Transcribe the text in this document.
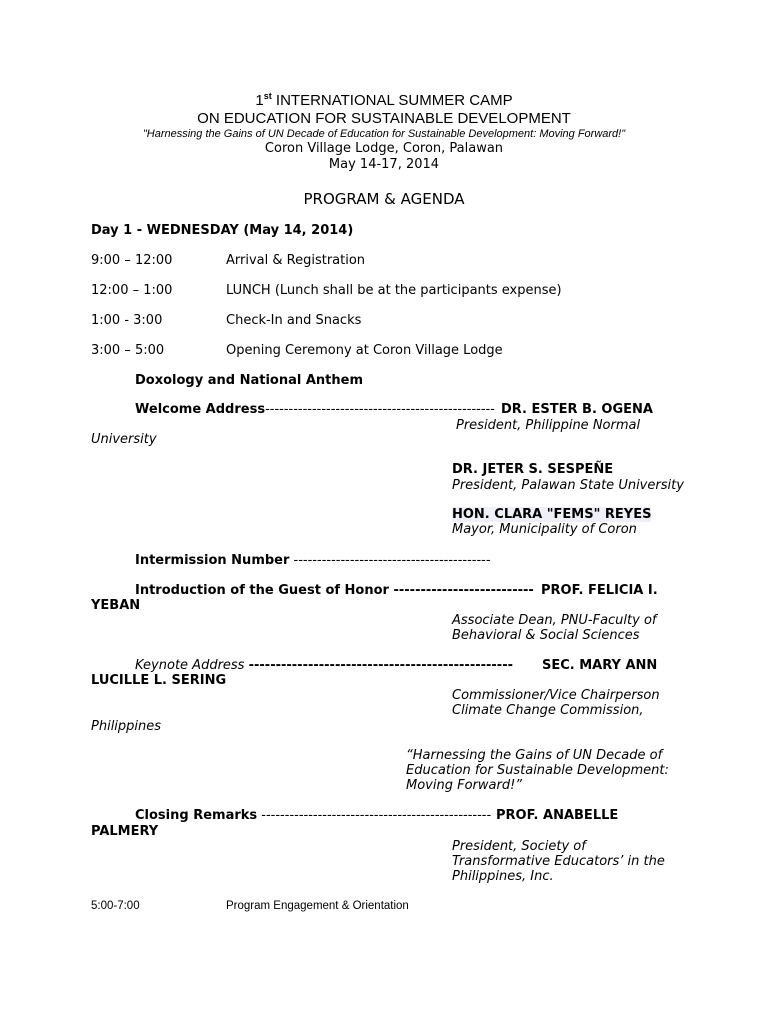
1st INTERNATIONAL SUMMER CAMP
ON EDUCATION FOR SUSTAINABLE DEVELOPMENT
"Harnessing the Gains of UN Decade of Education for Sustainable Development: Moving Forward!"
Coron Village Lodge, Coron, Palawan
May 14-17, 2014
PROGRAM & AGENDA
Day 1 - WEDNESDAY (May 14, 2014)
9:00 – 12:00	Arrival & Registration
12:00 – 1:00	LUNCH (Lunch shall be at the participants expense)
1:00 - 3:00	Check-In and Snacks
3:00 – 5:00	Opening Ceremony at Coron Village Lodge
Doxology and National Anthem
Welcome Address------------------------------------------------- DR. ESTER B. OGENA
President, Philippine Normal
University
DR. JETER S. SESPEÑE
President, Palawan State University
HON. CLARA "FEMS" REYES
Mayor, Municipality of Coron
Intermission Number ------------------------------------------
Introduction of the Guest of Honor -------------------------- PROF. FELICIA I.
YEBAN
Associate Dean, PNU-Faculty of
Behavioral & Social Sciences
Keynote Address ------------------------------------------------- SEC. MARY ANN
LUCILLE L. SERING
Commissioner/Vice Chairperson
Climate Change Commission,
Philippines
“Harnessing the Gains of UN Decade of
Education for Sustainable Development:
Moving Forward!”
Closing Remarks ------------------------------------------------- PROF. ANABELLE
PALMERY
President, Society of
Transformative Educators’ in the
Philippines, Inc.
5:00-7:00	Program Engagement & Orientation
